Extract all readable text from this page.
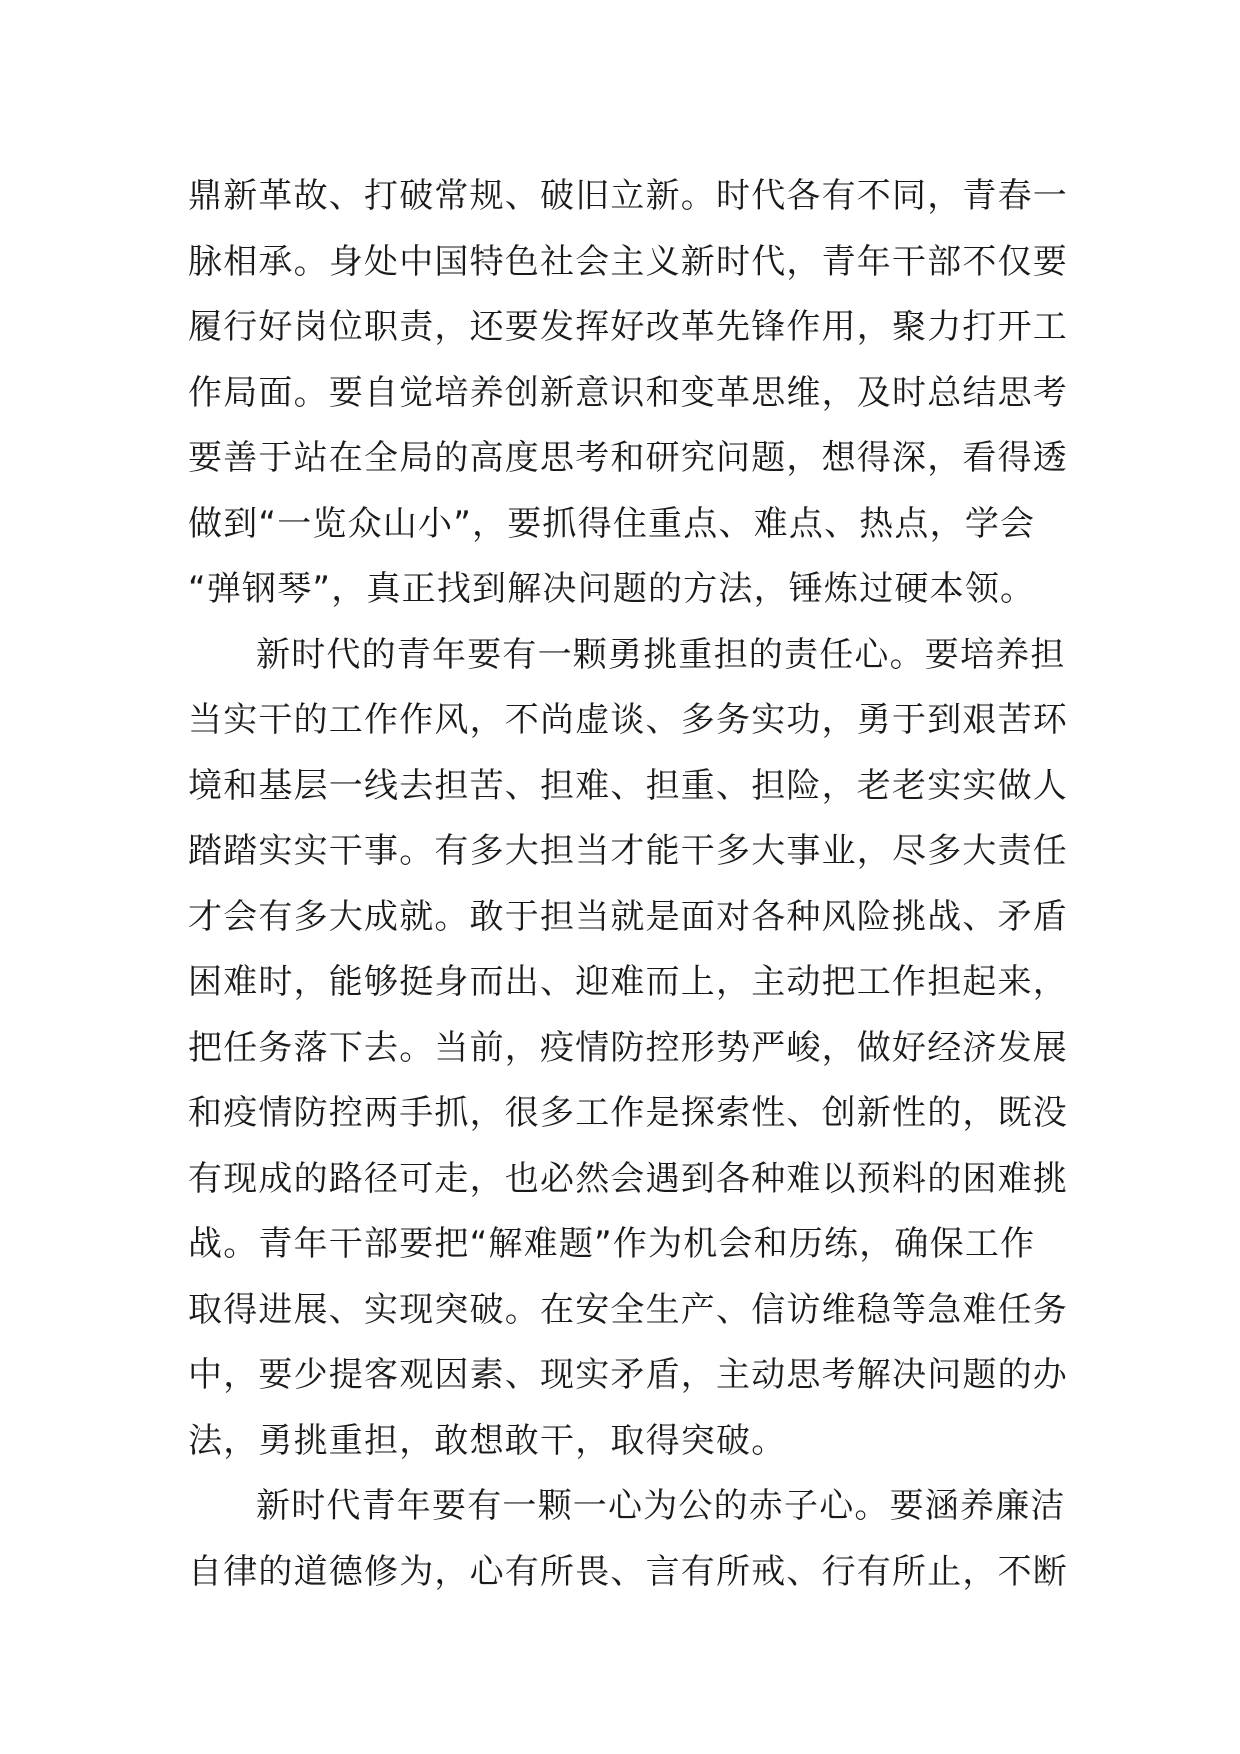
鼎新革故、打破常规、破旧立新。时代各有不同，青春一
脉相承。身处中国特色社会主义新时代，青年干部不仅要
履行好岗位职责，还要发挥好改革先锋作用，聚力打开工
作局面。要自觉培养创新意识和变革思维，及时总结思考
要善于站在全局的高度思考和研究问题，想得深，看得透
做到“一览众山小”，要抓得住重点、难点、热点，学会
“弹钢琴”，真正找到解决问题的方法，锤炼过硬本领。
新时代的青年要有一颗勇挑重担的责任心。要培养担
当实干的工作作风，不尚虚谈、多务实功，勇于到艰苦环
境和基层一线去担苦、担难、担重、担险，老老实实做人
踏踏实实干事。有多大担当才能干多大事业，尽多大责任
才会有多大成就。敢于担当就是面对各种风险挑战、矛盾
困难时，能够挺身而出、迎难而上，主动把工作担起来，
把任务落下去。当前，疫情防控形势严峻，做好经济发展
和疫情防控两手抓，很多工作是探索性、创新性的，既没
有现成的路径可走，也必然会遇到各种难以预料的困难挑
战。青年干部要把“解难题”作为机会和历练，确保工作
取得进展、实现突破。在安全生产、信访维稳等急难任务
中，要少提客观因素、现实矛盾，主动思考解决问题的办
法，勇挑重担，敢想敢干，取得突破。
新时代青年要有一颗一心为公的赤子心。要涵养廉洁
自律的道德修为，心有所畏、言有所戒、行有所止，不断
